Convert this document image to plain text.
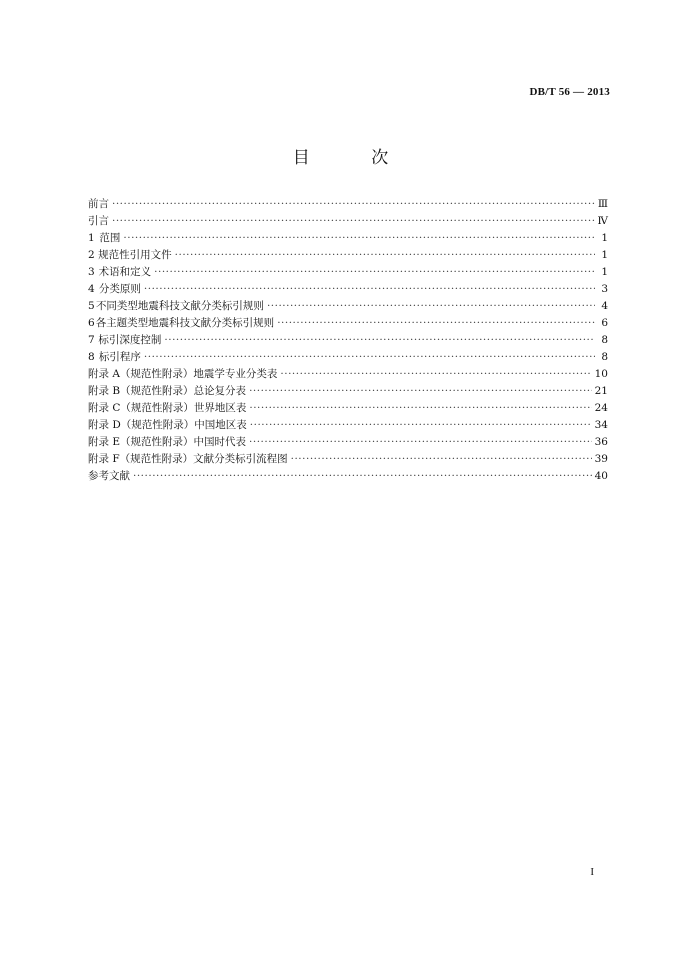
DB/T 56 — 2013
目 次
前言 ·····	Ⅲ
引言 ·····	Ⅳ
1 范围 ·····	1
2 规范性引用文件 ·····	1
3 术语和定义 ·····	1
4 分类原则 ·····	3
5 不同类型地震科技文献分类标引规则 ·····	4
6 各主题类型地震科技文献分类标引规则 ·····	6
7 标引深度控制 ·····	8
8 标引程序 ·····	8
附录 A（规范性附录） 地震学专业分类表 ·····	10
附录 B（规范性附录） 总论复分表 ·····	21
附录 C（规范性附录） 世界地区表 ·····	24
附录 D（规范性附录） 中国地区表 ·····	34
附录 E（规范性附录） 中国时代表 ·····	36
附录 F（规范性附录） 文献分类标引流程图 ·····	39
参考文献 ·····	40
I
